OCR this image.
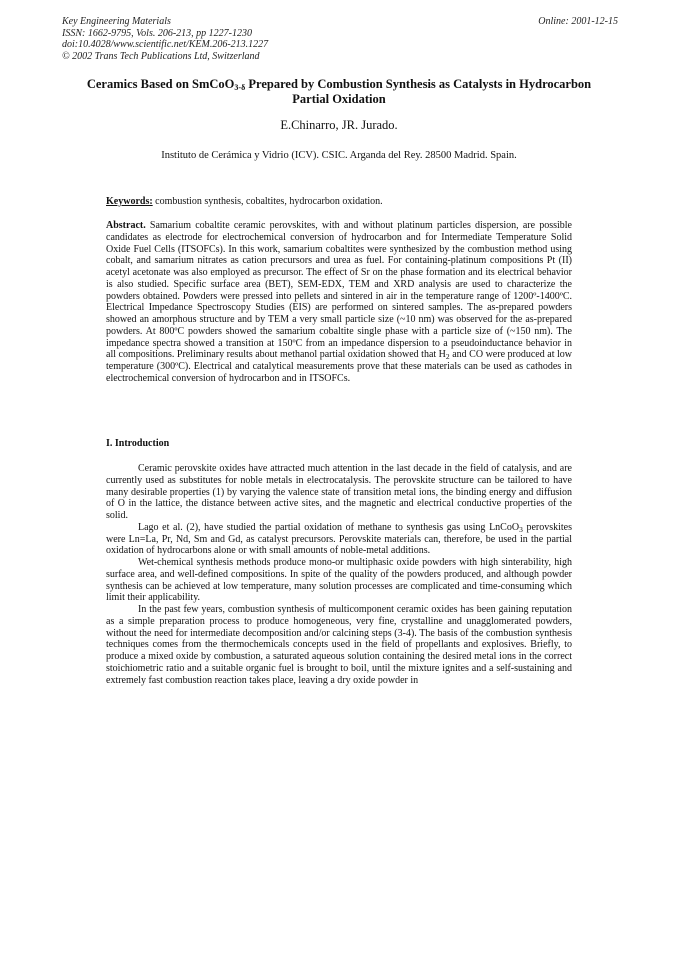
Key Engineering Materials
ISSN: 1662-9795, Vols. 206-213, pp 1227-1230
doi:10.4028/www.scientific.net/KEM.206-213.1227
© 2002 Trans Tech Publications Ltd, Switzerland
Online: 2001-12-15
Ceramics Based on SmCoO$_{3-\delta}$ Prepared by Combustion Synthesis as Catalysts in Hydrocarbon Partial Oxidation
E.Chinarro, JR. Jurado.
Instituto de Cerámica y Vidrio (ICV). CSIC. Arganda del Rey. 28500 Madrid. Spain.
Keywords: combustion synthesis, cobaltites, hydrocarbon oxidation.
Abstract. Samarium cobaltite ceramic perovskites, with and without platinum particles dispersion, are possible candidates as electrode for electrochemical conversion of hydrocarbon and for Intermediate Temperature Solid Oxide Fuel Cells (ITSOFCs). In this work, samarium cobaltites were synthesized by the combustion method using cobalt, and samarium nitrates as cation precursors and urea as fuel. For containing-platinum compositions Pt (II) acetyl acetonate was also employed as precursor. The effect of Sr on the phase formation and its electrical behavior is also studied. Specific surface area (BET), SEM-EDX, TEM and XRD analysis are used to characterize the powders obtained. Powders were pressed into pellets and sintered in air in the temperature range of 1200º-1400ºC. Electrical Impedance Spectroscopy Studies (EIS) are performed on sintered samples. The as-prepared powders showed an amorphous structure and by TEM a very small particle size (~10 nm) was observed for the as-prepared powders. At 800ºC powders showed the samarium cobaltite single phase with a particle size of (~150 nm). The impedance spectra showed a transition at 150ºC from an impedance dispersion to a pseudoinductance behavior in all compositions. Preliminary results about methanol partial oxidation showed that $H_2$ and CO were produced at low temperature (300ºC). Electrical and catalytical measurements prove that these materials can be used as cathodes in electrochemical conversion of hydrocarbon and in ITSOFCs.
I. Introduction

Ceramic perovskite oxides have attracted much attention in the last decade in the field of catalysis, and are currently used as substitutes for noble metals in electrocatalysis. The perovskite structure can be tailored to have many desirable properties (1) by varying the valence state of transition metal ions, the binding energy and diffusion of O in the lattice, the distance between active sites, and the magnetic and electrical conductive properties of the solid.

Lago et al. (2), have studied the partial oxidation of methane to synthesis gas using LnCoO$_3$ perovskites were Ln=La, Pr, Nd, Sm and Gd, as catalyst precursors. Perovskite materials can, therefore, be used in the partial oxidation of hydrocarbons alone or with small amounts of noble-metal additions.

Wet-chemical synthesis methods produce mono-or multiphasic oxide powders with high sinterability, high surface area, and well-defined compositions. In spite of the quality of the powders produced, and although powder synthesis can be achieved at low temperature, many solution processes are complicated and time-consuming which limit their applicability.

In the past few years, combustion synthesis of multicomponent ceramic oxides has been gaining reputation as a simple preparation process to produce homogeneous, very fine, crystalline and unagglomerated powders, without the need for intermediate decomposition and/or calcining steps (3-4). The basis of the combustion synthesis techniques comes from the thermochemicals concepts used in the field of propellants and explosives. Briefly, to produce a mixed oxide by combustion, a saturated aqueous solution containing the desired metal ions in the correct stoichiometric ratio and a suitable organic fuel is brought to boil, until the mixture ignites and a self-sustaining and extremely fast combustion reaction takes place, leaving a dry oxide powder in
